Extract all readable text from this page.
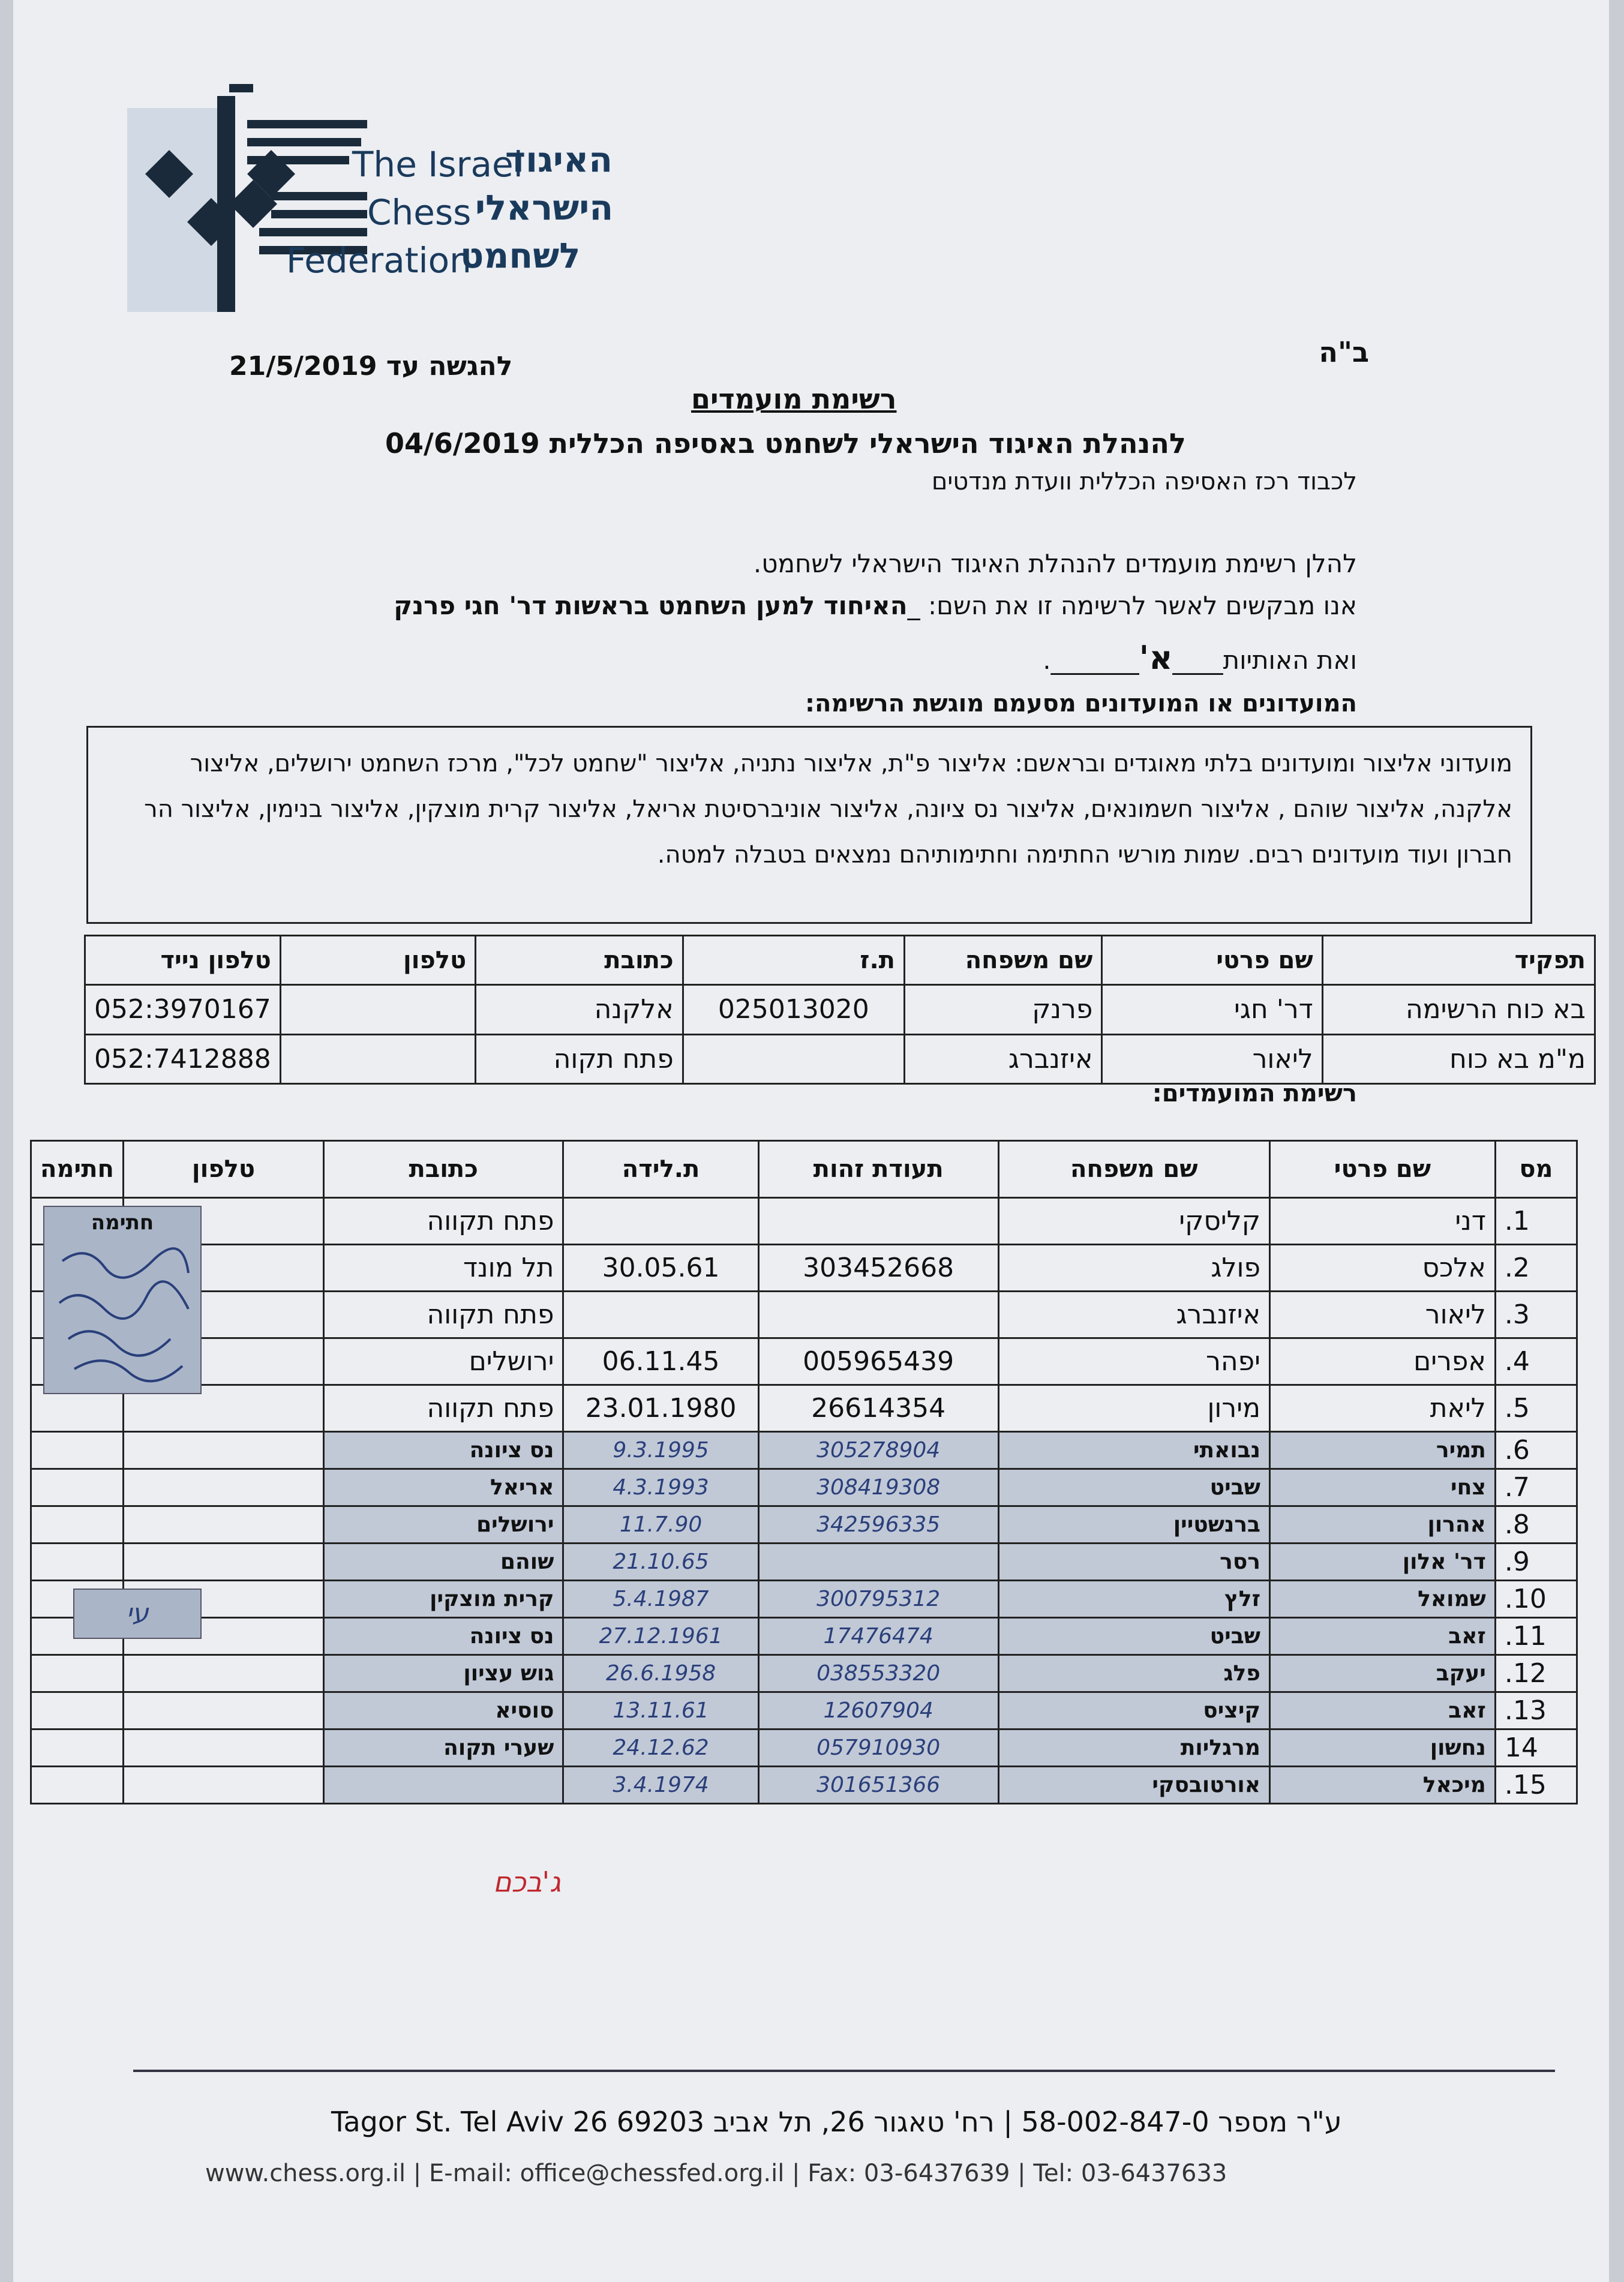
The Israel
Chess
Federation
האיגוד
הישראלי
לשחמט
ב"ה
להגשה עד 21/5/2019
רשימת מועמדים
להנהלת האיגוד הישראלי לשחמט באסיפה הכללית 04/6/2019
לכבוד רכז האסיפה הכללית וועדת מנדטים
להלן רשימת מועמדים להנהלת האיגוד הישראלי לשחמט.
אנו מבקשים לאשר לרשימה זו את השם: _האיחוד למען השחמט בראשות דר' חגי פרנק
ואת האותיות____א'_______.
המועדונים או המועדונים מסעמם מוגשת הרשימה:
מועדוני אליצור ומועדונים בלתי מאוגדים ובראשם: אליצור פ"ת, אליצור נתניה, אליצור "שחמט לכל", מרכז השחמט ירושלים, אליצור אלקנה, אליצור שוהם , אליצור חשמונאים, אליצור נס ציונה, אליצור אוניברסיטת אריאל, אליצור קרית מוצקין, אליצור בנימין, אליצור הר חברון ועוד מועדונים רבים. שמות מורשי החתימה וחתימותיהם נמצאים בטבלה למטה.
תפקיד	שם פרטי	שם משפחה	ת.ז	כתובת	טלפון	טלפון נייד
בא כוח הרשימה	דר' חגי	פרנק	025013020	אלקנה		052:3970167
מ"מ בא כוח	ליאור	איזנברג		פתח תקוה		052:7412888
רשימת המועמדים:
מס	שם פרטי	שם משפחה	תעודת זהות	ת.לידה	כתובת	טלפון	חתימה
1.	דני	קליסקי			פתח תקווה		
2.	אלכס	פולג	303452668	30.05.61	תל מונד		
3.	ליאור	איזנברג			פתח תקווה		
4.	אפרים	יפהר	005965439	06.11.45	ירושלים		
5.	ליאת	מירון	26614354	23.01.1980	פתח תקווה		
6.	תמיר	נבואתי	305278904	9.3.1995	נס ציונה		
7.	צחי	שביט	308419308	4.3.1993	אריאל		
8.	אהרון	ברנשטיין	342596335	11.7.90	ירושלים		
9.	דר' אלון	רסר		21.10.65	שוהם		
10.	שמואל	זלץ	300795312	5.4.1987	קרית מוצקין		
11.	זאב	שביט	17476474	27.12.1961	נס ציונה		
12.	יעקב	פלג	038553320	26.6.1958	גוש עציון		
13.	זאב	קיציס	12607904	13.11.61	סוסיא		
14	נחשון	מרגליות	057910930	24.12.62	שערי תקוה		
15.	מיכאל	אורטובסקי	301651366	3.4.1974			
חתימה
עי
ג'בכם
ע"ר מספר 58-002-847-0 | רח' טאגור 26, תל אביב 69203 Tagor St. Tel Aviv 26
www.chess.org.il | E-mail: office@chessfed.org.il | Fax: 03-6437639 | Tel: 03-6437633
